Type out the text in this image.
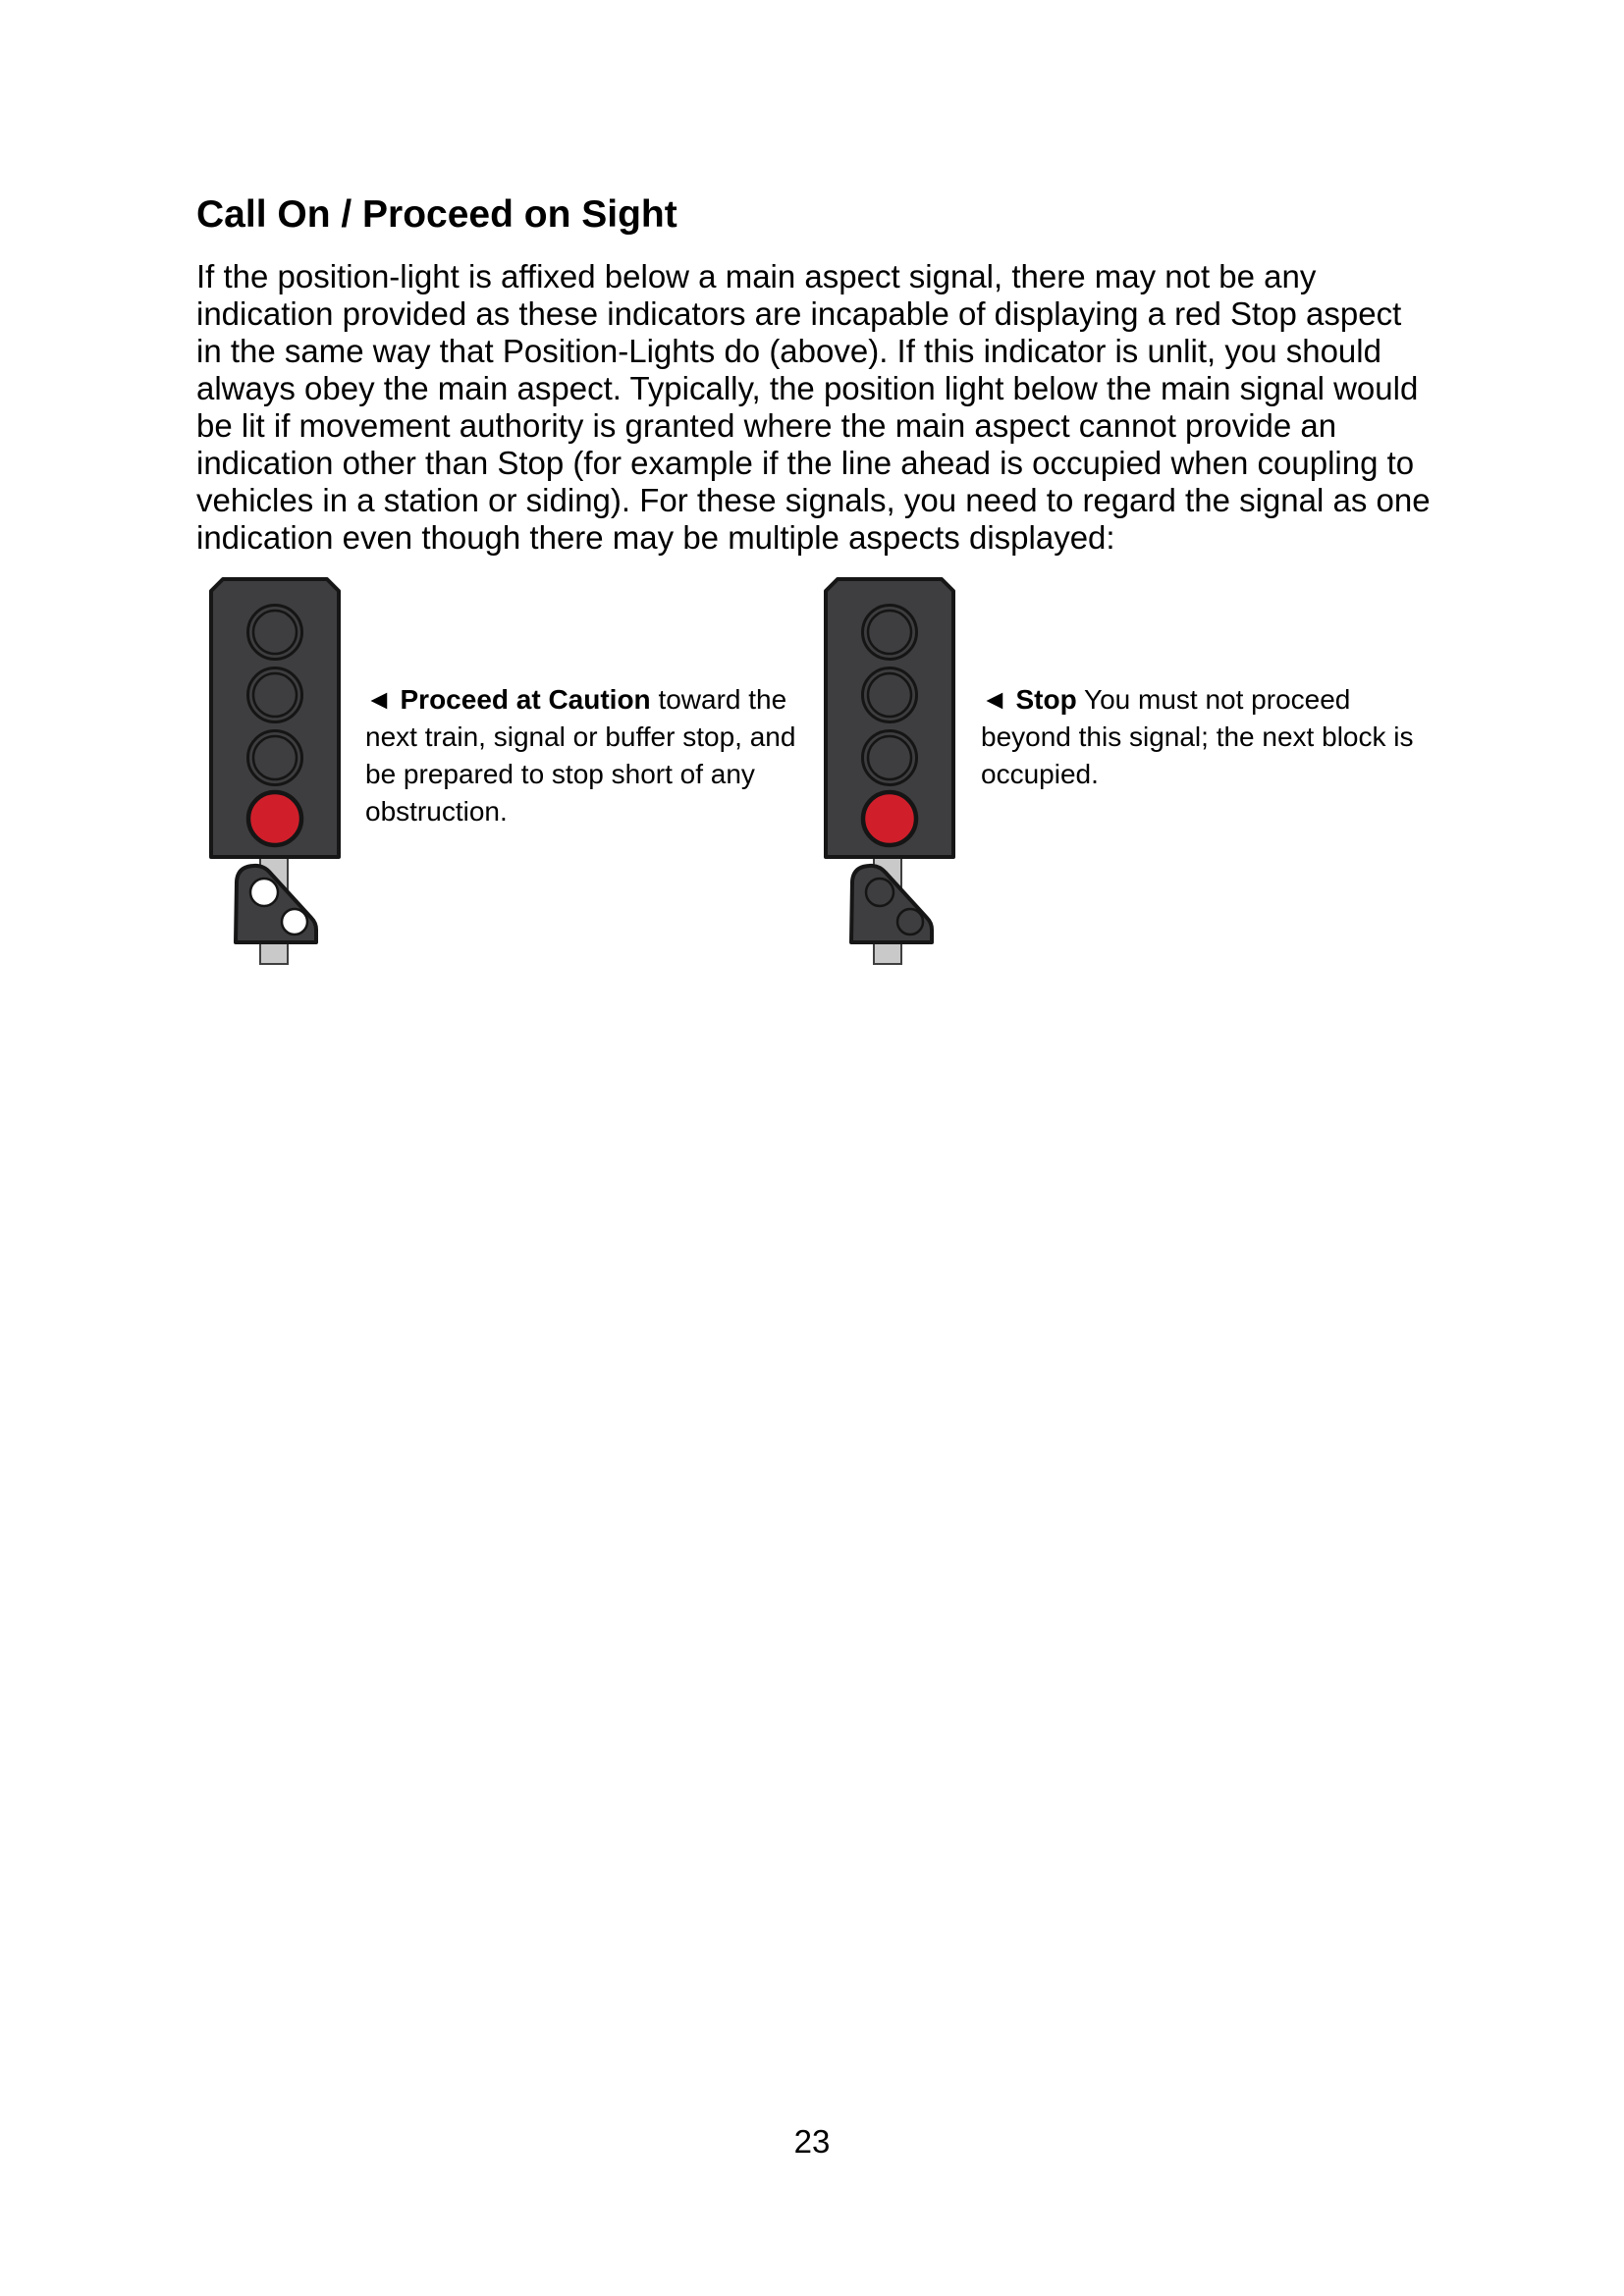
Call On / Proceed on Sight
If the position-light is affixed below a main aspect signal, there may not be any indication provided as these indicators are incapable of displaying a red Stop aspect in the same way that Position-Lights do (above). If this indicator is unlit, you should always obey the main aspect. Typically, the position light below the main signal would be lit if movement authority is granted where the main aspect cannot provide an indication other than Stop (for example if the line ahead is occupied when coupling to vehicles in a station or siding). For these signals, you need to regard the signal as one indication even though there may be multiple aspects displayed:
◄ Proceed at Caution toward the next train, signal or buffer stop, and be prepared to stop short of any obstruction.
◄ Stop You must not proceed beyond this signal; the next block is occupied.
23
